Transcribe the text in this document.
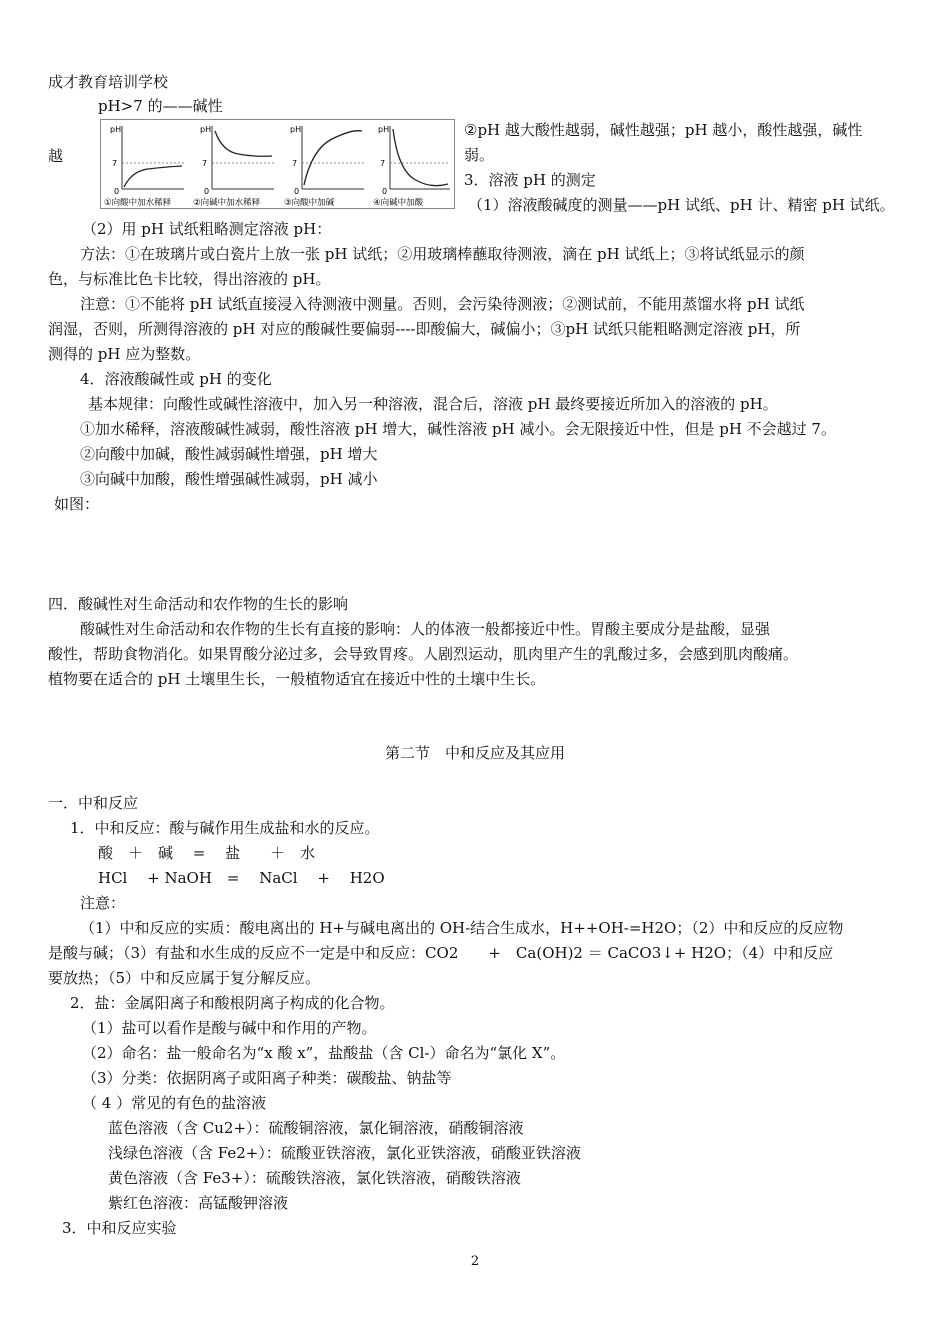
成才教育培训学校
pH>7 的——碱性
越
pH
7
0
①向酸中加水稀释
pH
7
0
②向碱中加水稀释
pH
7
0
③向酸中加碱
pH
7
0
④向碱中加酸
②pH 越大酸性越弱，碱性越强；pH 越小，酸性越强，碱性
弱。
3．溶液 pH 的测定
（1）溶液酸碱度的测量——pH 试纸、pH 计、精密 pH 试纸。
（2）用 pH 试纸粗略测定溶液 pH：
方法：①在玻璃片或白瓷片上放一张 pH 试纸；②用玻璃棒蘸取待测液，滴在 pH 试纸上；③将试纸显示的颜
色，与标准比色卡比较，得出溶液的 pH。
注意：①不能将 pH 试纸直接浸入待测液中测量。否则，会污染待测液；②测试前，不能用蒸馏水将 pH 试纸
润湿，否则，所测得溶液的 pH 对应的酸碱性要偏弱----即酸偏大，碱偏小；③pH 试纸只能粗略测定溶液 pH，所
测得的 pH 应为整数。
4．溶液酸碱性或 pH 的变化
基本规律：向酸性或碱性溶液中，加入另一种溶液，混合后，溶液 pH 最终要接近所加入的溶液的 pH。
①加水稀释，溶液酸碱性减弱，酸性溶液 pH 增大，碱性溶液 pH 减小。会无限接近中性，但是 pH 不会越过 7。
②向酸中加碱，酸性减弱碱性增强，pH 增大
③向碱中加酸，酸性增强碱性减弱，pH 减小
如图：
四．酸碱性对生命活动和农作物的生长的影响
酸碱性对生命活动和农作物的生长有直接的影响：人的体液一般都接近中性。胃酸主要成分是盐酸，显强
酸性，帮助食物消化。如果胃酸分泌过多，会导致胃疼。人剧烈运动，肌肉里产生的乳酸过多，会感到肌肉酸痛。
植物要在适合的 pH 土壤里生长，一般植物适宜在接近中性的土壤中生长。
第二节　中和反应及其应用
一．中和反应
1．中和反应：酸与碱作用生成盐和水的反应。
酸　＋　碱　 =　 盐　　＋　水
HCl　 + NaOH　=　 NaCl　 +　 H2O
注意：
（1）中和反应的实质：酸电离出的 H+与碱电离出的 OH-结合生成水，H++OH-=H2O；（2）中和反应的反应物
是酸与碱；（3）有盐和水生成的反应不一定是中和反应：CO2　　+　Ca(OH)2 ＝ CaCO3↓+ H2O；（4）中和反应
要放热；（5）中和反应属于复分解反应。
2．盐：金属阳离子和酸根阴离子构成的化合物。
（1）盐可以看作是酸与碱中和作用的产物。
（2）命名：盐一般命名为“x 酸 x”，盐酸盐（含 Cl-）命名为“氯化 X”。
（3）分类：依据阴离子或阳离子种类：碳酸盐、钠盐等
（ 4 ）常见的有色的盐溶液
蓝色溶液（含 Cu2+）：硫酸铜溶液，氯化铜溶液，硝酸铜溶液
浅绿色溶液（含 Fe2+）：硫酸亚铁溶液，氯化亚铁溶液，硝酸亚铁溶液
黄色溶液（含 Fe3+）：硫酸铁溶液，氯化铁溶液，硝酸铁溶液
紫红色溶液：高锰酸钾溶液
3．中和反应实验
2
